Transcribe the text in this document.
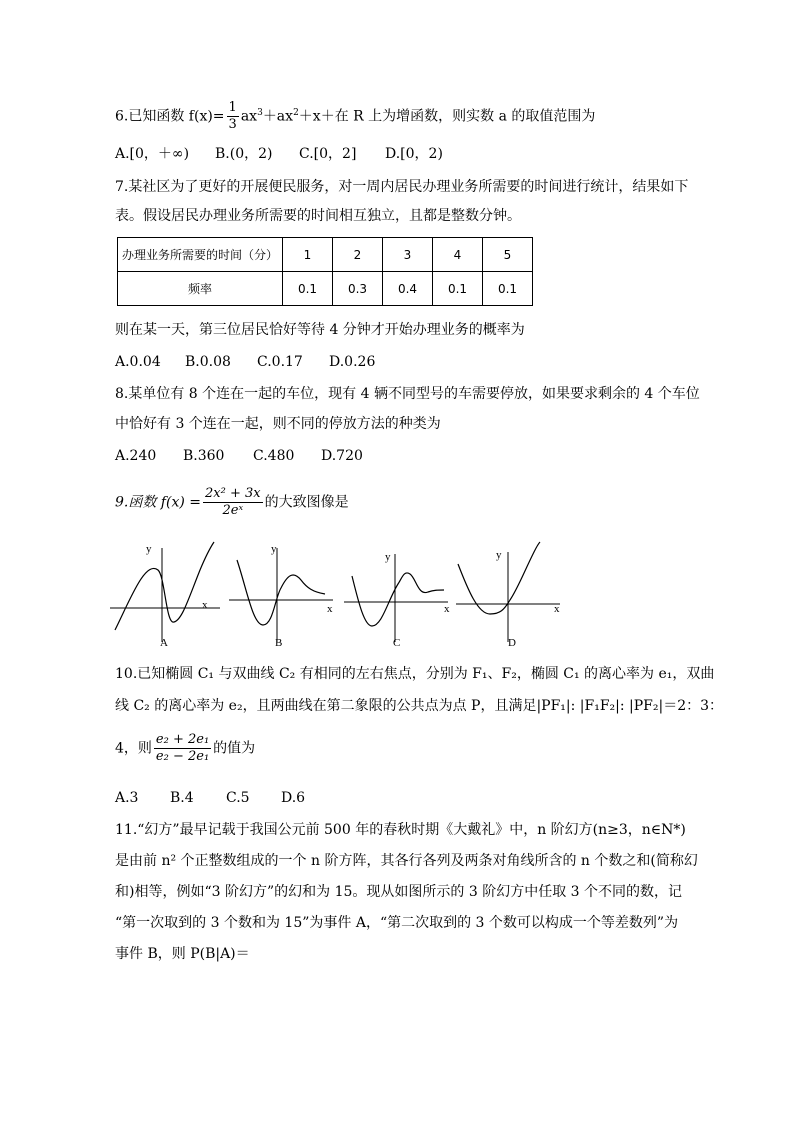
6.已知函数 $f(x)= \frac{1}{3} ax^3+ax^2+x+$在 R 上为增函数，则实数 a 的取值范围为
A.[0，＋∞) B.(0，2) C.[0，2] D.[0，2)
7.某社区为了更好的开展便民服务，对一周内居民办理业务所需要的时间进行统计，结果如下
表。假设居民办理业务所需要的时间相互独立，且都是整数分钟。
办理业务所需要的时间（分）	1	2	3	4	5
频率	0.1	0.3	0.4	0.1	0.1
则在某一天，第三位居民恰好等待 4 分钟才开始办理业务的概率为
A.0.04 B.0.08 C.0.17 D.0.26
8.某单位有 8 个连在一起的车位，现有 4 辆不同型号的车需要停放，如果要求剩余的 4 个车位
中恰好有 3 个连在一起，则不同的停放方法的种类为
A.240 B.360 C.480 D.720
9.函数 $f(x) = \frac{\text{2x² + 3x}}{\text{2eˣ}}$ 的大致图像是
y
x
A
y
x
B
y
x
C
y
x
D
10.已知椭圆 C₁ 与双曲线 C₂ 有相同的左右焦点，分别为 F₁、F₂，椭圆 C₁ 的离心率为 e₁，双曲
线 C₂ 的离心率为 e₂，且两曲线在第二象限的公共点为点 P，且满足|PF₁|: |F₁F₂|: |PF₂|＝2：3：
4，则 $\frac{\text{e₂ + 2e₁}}{\text{e₂ − 2e₁}}$ 的值为
A.3 B.4 C.5 D.6
11.“幻方”最早记载于我国公元前 500 年的春秋时期《大戴礼》中，n 阶幻方(n≥3，n∈N*)
是由前 n² 个正整数组成的一个 n 阶方阵，其各行各列及两条对角线所含的 n 个数之和(简称幻
和)相等，例如“3 阶幻方”的幻和为 15。现从如图所示的 3 阶幻方中任取 3 个不同的数，记
“第一次取到的 3 个数和为 15”为事件 A，“第二次取到的 3 个数可以构成一个等差数列”为
事件 B，则 P(B|A)＝
